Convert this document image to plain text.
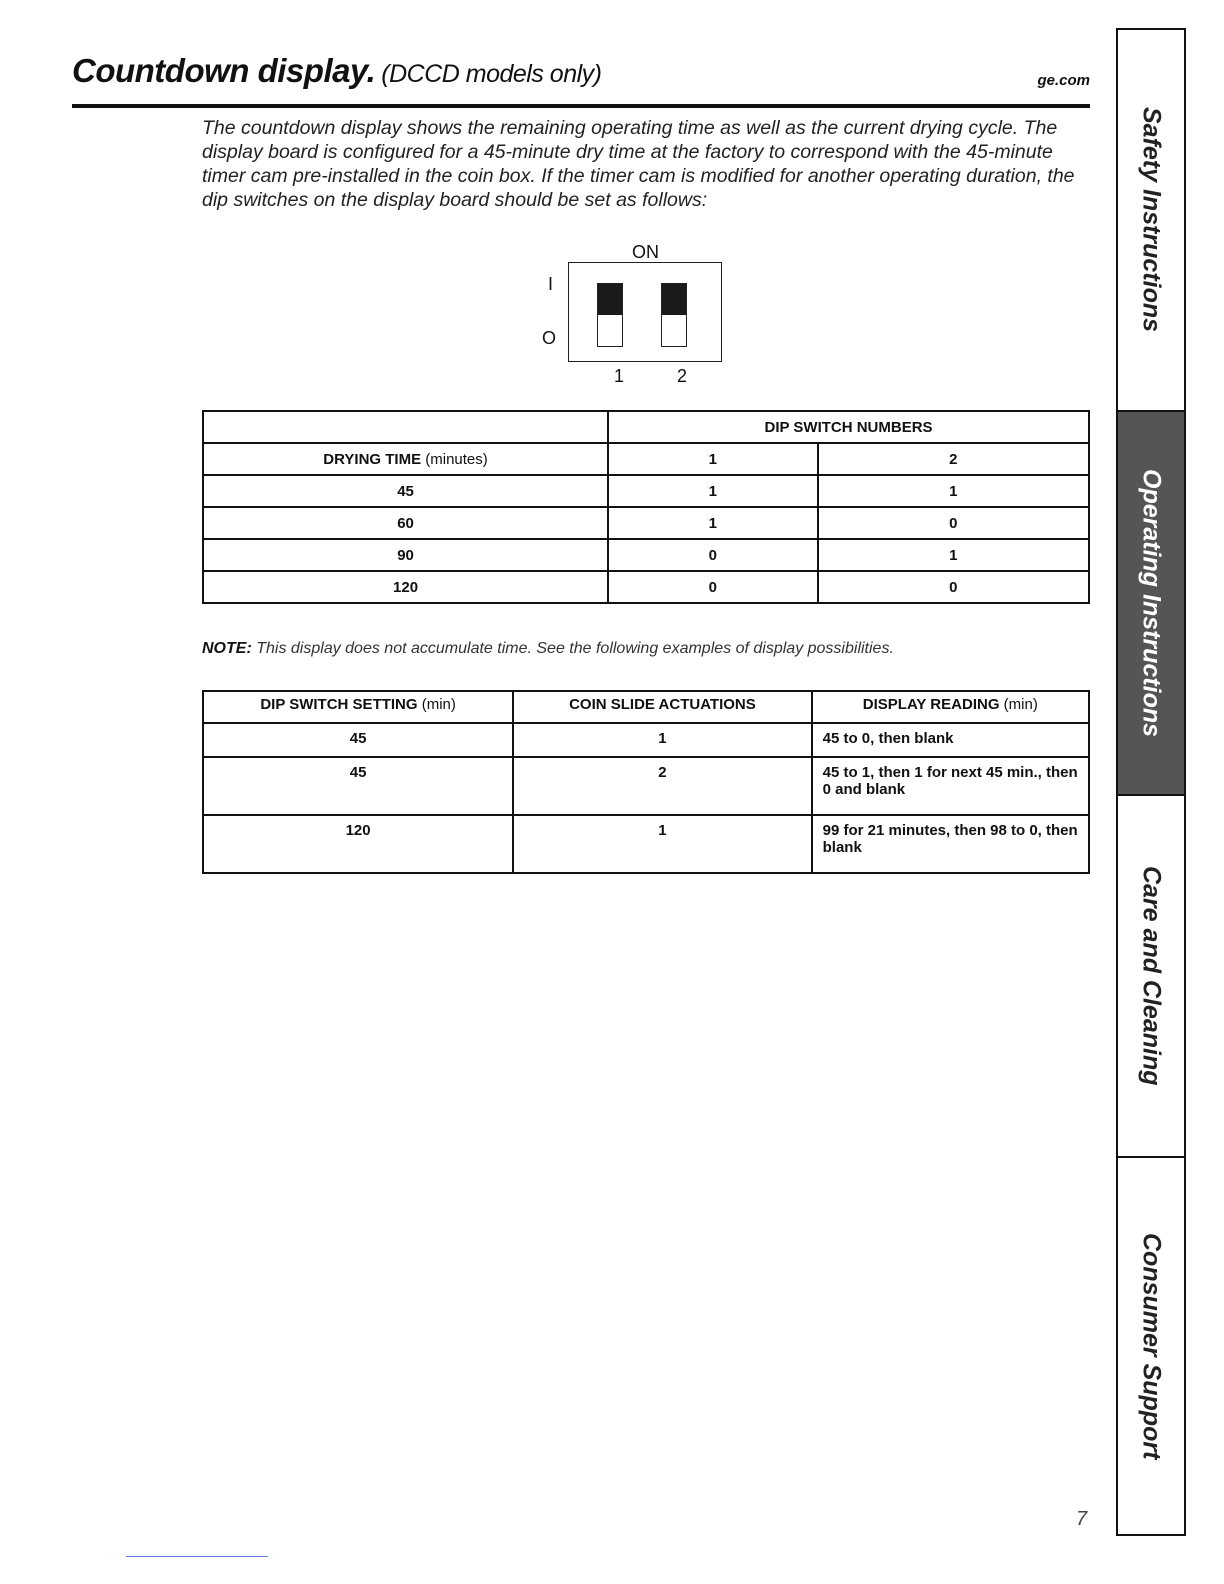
Countdown display. (DCCD models only)	ge.com

The countdown display shows the remaining operating time as well as the current drying cycle. The display board is configured for a 45-minute dry time at the factory to correspond with the 45-minute timer cam pre-installed in the coin box. If the timer cam is modified for another operating duration, the dip switches on the display board should be set as follows:

ON
I
O
1	2
	DIP SWITCH NUMBERS	
DRYING TIME (minutes)	1	2
45	1	1
60	1	0
90	0	1
120	0	0
NOTE: This display does not accumulate time. See the following examples of display possibilities.
DIP SWITCH SETTING (min)	COIN SLIDE ACTUATIONS	DISPLAY READING (min)
45	1	45 to 0, then blank
45	2	45 to 1, then 1 for next 45 min., then 0 and blank
120	1	99 for 21 minutes, then 98 to 0, then blank
Safety Instructions
Operating Instructions
Care and Cleaning
Consumer Support
7
